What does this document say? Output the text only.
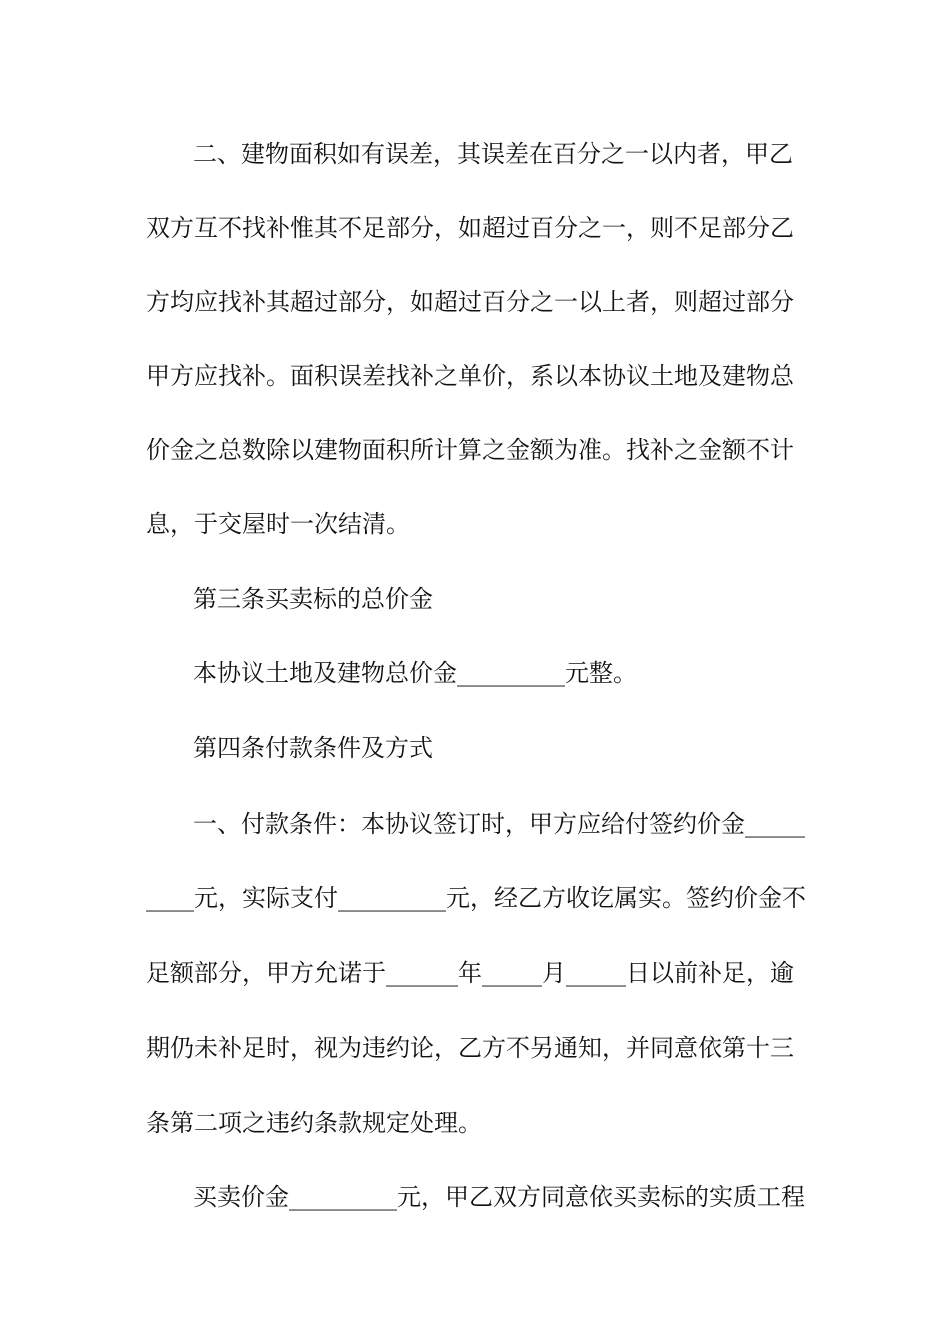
二、建物面积如有误差，其误差在百分之一以内者，甲乙
双方互不找补惟其不足部分，如超过百分之一，则不足部分乙
方均应找补其超过部分，如超过百分之一以上者，则超过部分
甲方应找补。面积误差找补之单价，系以本协议土地及建物总
价金之总数除以建物面积所计算之金额为准。找补之金额不计
息，于交屋时一次结清。
第三条买卖标的总价金
本协议土地及建物总价金_________元整。
第四条付款条件及方式
一、付款条件：本协议签订时，甲方应给付签约价金_____
____元，实际支付_________元，经乙方收讫属实。签约价金不
足额部分，甲方允诺于______年_____月_____日以前补足，逾
期仍未补足时，视为违约论，乙方不另通知，并同意依第十三
条第二项之违约条款规定处理。
买卖价金_________元，甲乙双方同意依买卖标的实质工程
